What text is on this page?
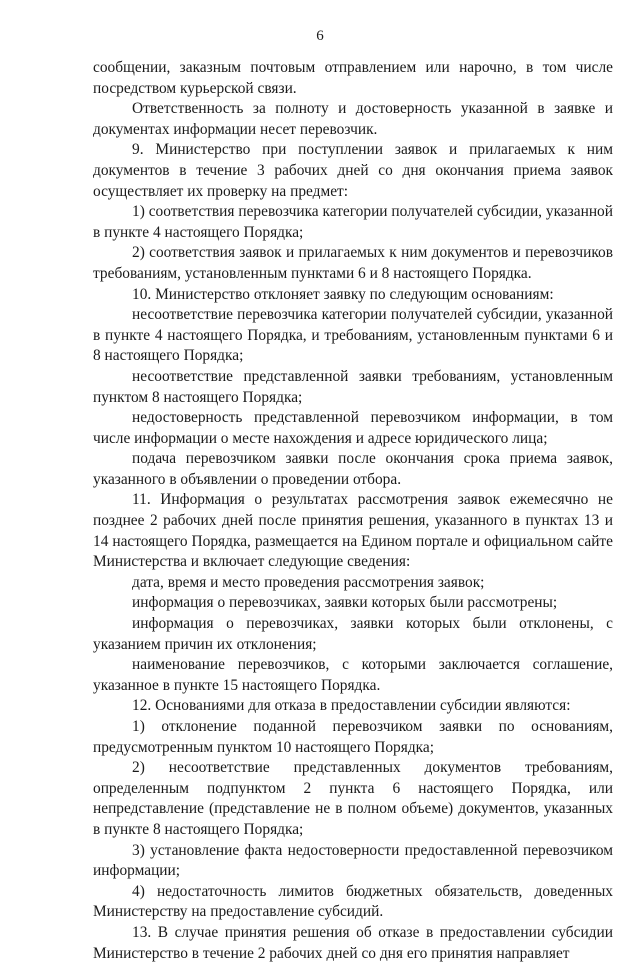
6

сообщении, заказным почтовым отправлением или нарочно, в том числе посредством курьерской связи.

Ответственность за полноту и достоверность указанной в заявке и документах информации несет перевозчик.

9. Министерство при поступлении заявок и прилагаемых к ним документов в течение 3 рабочих дней со дня окончания приема заявок осуществляет их проверку на предмет:

1) соответствия перевозчика категории получателей субсидии, указанной в пункте 4 настоящего Порядка;

2) соответствия заявок и прилагаемых к ним документов и перевозчиков требованиям, установленным пунктами 6 и 8 настоящего Порядка.

10. Министерство отклоняет заявку по следующим основаниям:

несоответствие перевозчика категории получателей субсидии, указанной в пункте 4 настоящего Порядка, и требованиям, установленным пунктами 6 и 8 настоящего Порядка;

несоответствие представленной заявки требованиям, установленным пунктом 8 настоящего Порядка;

недостоверность представленной перевозчиком информации, в том числе информации о месте нахождения и адресе юридического лица;

подача перевозчиком заявки после окончания срока приема заявок, указанного в объявлении о проведении отбора.

11. Информация о результатах рассмотрения заявок ежемесячно не позднее 2 рабочих дней после принятия решения, указанного в пунктах 13 и 14 настоящего Порядка, размещается на Едином портале и официальном сайте Министерства и включает следующие сведения:

дата, время и место проведения рассмотрения заявок;

информация о перевозчиках, заявки которых были рассмотрены;

информация о перевозчиках, заявки которых были отклонены, с указанием причин их отклонения;

наименование перевозчиков, с которыми заключается соглашение, указанное в пункте 15 настоящего Порядка.

12. Основаниями для отказа в предоставлении субсидии являются:

1) отклонение поданной перевозчиком заявки по основаниям, предусмотренным пунктом 10 настоящего Порядка;

2) несоответствие представленных документов требованиям, определенным подпунктом 2 пункта 6 настоящего Порядка, или непредставление (представление не в полном объеме) документов, указанных в пункте 8 настоящего Порядка;

3) установление факта недостоверности предоставленной перевозчиком информации;

4) недостаточность лимитов бюджетных обязательств, доведенных Министерству на предоставление субсидий.

13. В случае принятия решения об отказе в предоставлении субсидии Министерство в течение 2 рабочих дней со дня его принятия направляет
